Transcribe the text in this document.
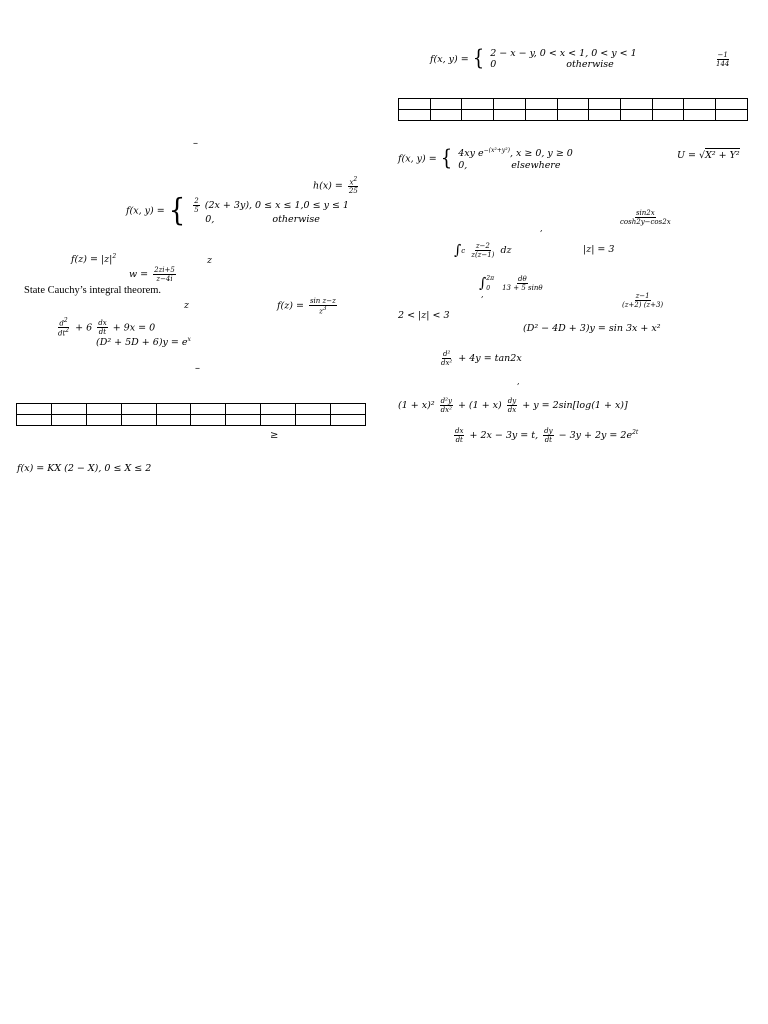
–
$h(x) = \frac{x2}{25}$
f(x, y) = { $\frac{2}{5} (2x + 3y)$, 0 ≤ x ≤ 1,0 ≤ y ≤ 1
0,	otherwise
$f(z) = |z|^2$	z
$w = \frac{2zi+5}{z-4i}$
State Cauchy’s integral theorem.
z	$f(z) = \frac{\text{sin z−z}}{z3}$
$\frac{d2}{dt2} + 6 \frac{dx}{dt} + 9x = 0$
$(D^2 + 5D + 6)y = e^x$
–

≥
f(x) = KX (2 − X), 0 ≤ X ≤ 2
f(x, y) = { 2 − x − y, 0 < x < 1, 0 < y < 1
0	otherwise	$\frac{-1}{144}$

f(x, y) = { 4xy $e^{-(x^2+y^2)}$, x ≥ 0, y ≥ 0
0,	elsewhere
U = √X² + Y²
$\frac{\sin 2x}{\cosh 2y-\cos 2x}$
,
$\int c \frac{z-2}{z(z-1)}$ dz	|z| = 3
∫ 2π
0
	$\frac{d\theta}{13 + 5 \sin\theta}$
,	$\frac{z-1}{(z+2) (z+3)}$
2 < |z| < 3
(D² − 4D + 3)y = sin 3x + x²
$\frac{\text{d²}}{\text{dx²}} + 4y = \tan 2x$
,
$(1 + x)^2 \frac{\text{d²y}}{\text{dx²}} + (1 + x) \frac{dy}{dx} + y = 2\sin[\log(1 + x)]$
$\frac{dx}{dt} + 2x - 3y = t$, $\frac{dy}{dt} - 3y + 2y = 2e^{2t}$
